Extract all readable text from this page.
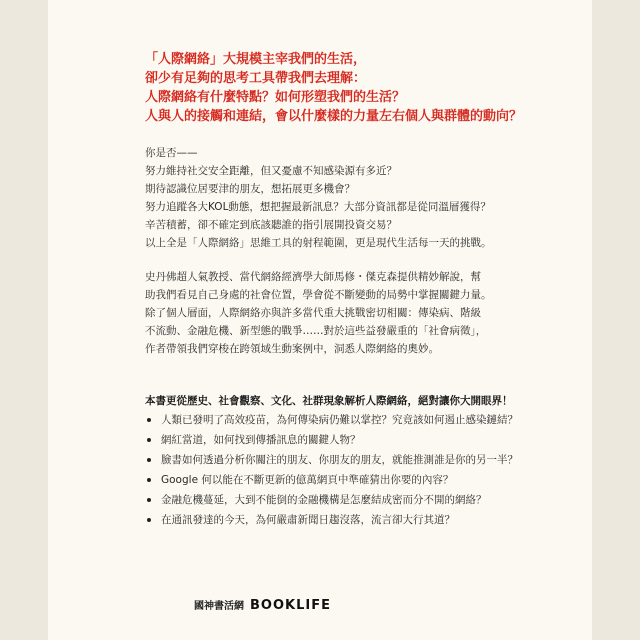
「人際網絡」大規模主宰我們的生活，

卻少有足夠的思考工具帶我們去理解：

人際網絡有什麼特點？如何形塑我們的生活？

人與人的接觸和連結，會以什麼樣的力量左右個人與群體的動向？

你是否——

努力維持社交安全距離，但又憂慮不知感染源有多近？

期待認識位居要津的朋友，想拓展更多機會？

努力追蹤各大KOL動態，想把握最新訊息？大部分資訊都是從同溫層獲得？

辛苦積蓄，卻不確定到底該聽誰的指引展開投資交易？

以上全是「人際網絡」思維工具的射程範圍，更是現代生活每一天的挑戰。

史丹佛超人氣教授、當代網絡經濟學大師馬修・傑克森提供精妙解說，幫

助我們看見自己身處的社會位置，學會從不斷變動的局勢中掌握關鍵力量。

除了個人層面，人際網絡亦與許多當代重大挑戰密切相關：傳染病、階級

不流動、金融危機、新型態的戰爭……對於這些益發嚴重的「社會病徵」，

作者帶領我們穿梭在跨領域生動案例中，洞悉人際網絡的奧妙。

本書更從歷史、社會觀察、文化、社群現象解析人際網絡，絕對讓你大開眼界！

人類已發明了高效疫苗，為何傳染病仍難以掌控？究竟該如何遏止感染鏈結？
網紅當道，如何找到傳播訊息的關鍵人物？
臉書如何透過分析你關注的朋友、你朋友的朋友，就能推測誰是你的另一半？
Google 何以能在不斷更新的億萬網頁中準確猜出你要的內容？
金融危機蔓延，大到不能倒的金融機構是怎麼結成密而分不開的網絡？
在通訊發達的今天，為何嚴肅新聞日趨沒落，流言卻大行其道？
國神書活網 BOOKLIFE
